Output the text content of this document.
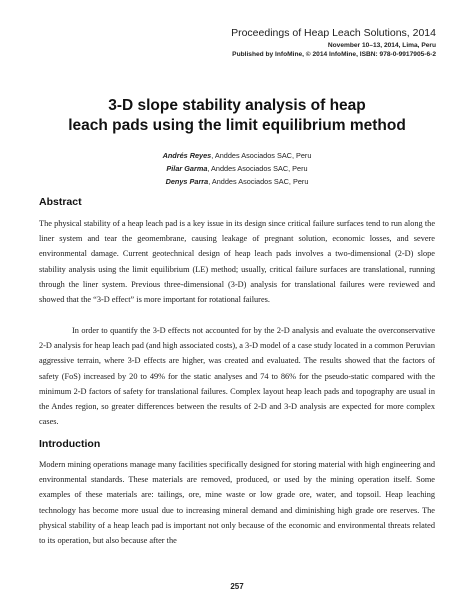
Proceedings of Heap Leach Solutions, 2014
November 10–13, 2014, Lima, Peru
Published by InfoMine, © 2014 InfoMine, ISBN: 978-0-9917905-6-2
3-D slope stability analysis of heap
leach pads using the limit equilibrium method
Andrés Reyes, Anddes Asociados SAC, Peru
Pilar Garma, Anddes Asociados SAC, Peru
Denys Parra, Anddes Asociados SAC, Peru
Abstract

The physical stability of a heap leach pad is a key issue in its design since critical failure surfaces tend to run along the liner system and tear the geomembrane, causing leakage of pregnant solution, economic losses, and severe environmental damage. Current geotechnical design of heap leach pads involves a two-dimensional (2-D) slope stability analysis using the limit equilibrium (LE) method; usually, critical failure surfaces are translational, running through the liner system. Previous three-dimensional (3-D) analysis for translational failures were reviewed and showed that the “3-D effect” is more important for rotational failures.

In order to quantify the 3-D effects not accounted for by the 2-D analysis and evaluate the overconservative 2-D analysis for heap leach pad (and high associated costs), a 3-D model of a case study located in a common Peruvian aggressive terrain, where 3-D effects are higher, was created and evaluated. The results showed that the factors of safety (FoS) increased by 20 to 49% for the static analyses and 74 to 86% for the pseudo-static compared with the minimum 2-D factors of safety for translational failures. Complex layout heap leach pads and topography are usual in the Andes region, so greater differences between the results of 2-D and 3-D analysis are expected for more complex cases.

Introduction

Modern mining operations manage many facilities specifically designed for storing material with high engineering and environmental standards. These materials are removed, produced, or used by the mining operation itself. Some examples of these materials are: tailings, ore, mine waste or low grade ore, water, and topsoil. Heap leaching technology has become more usual due to increasing mineral demand and diminishing high grade ore reserves. The physical stability of a heap leach pad is important not only because of the economic and environmental threats related to its operation, but also because after the

257
